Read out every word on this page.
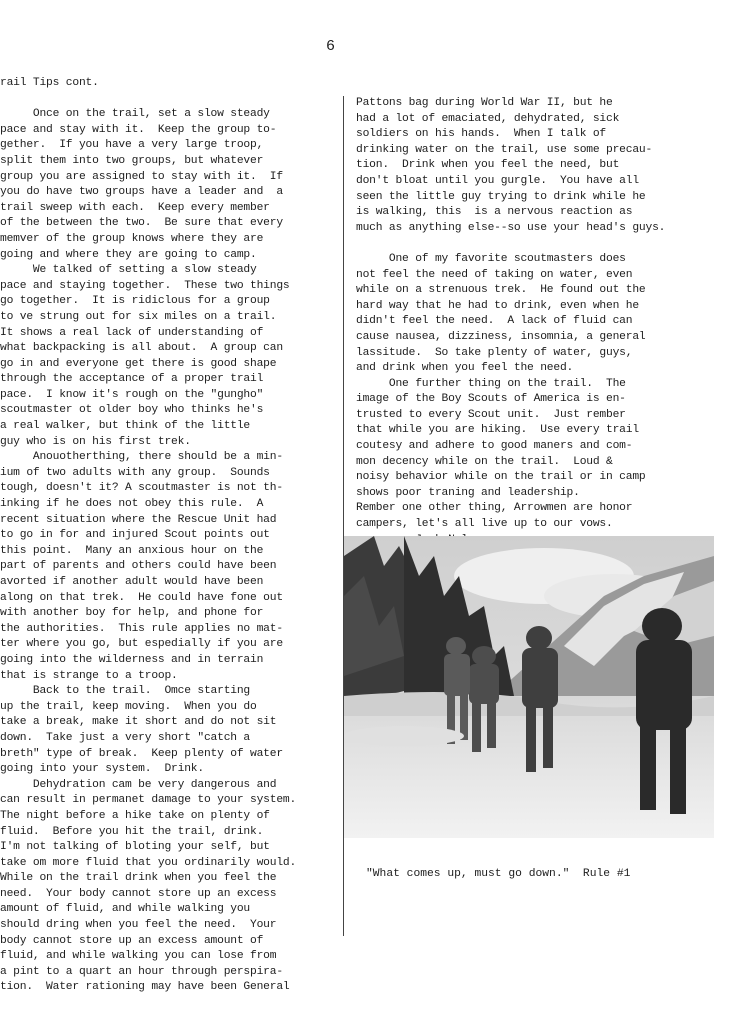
6
rail Tips cont.

Once on the trail, set a slow steady
pace and stay with it.  Keep the group to-
gether.  If you have a very large troop,
split them into two groups, but whatever
group you are assigned to stay with it.  If
you do have two groups have a leader and  a
trail sweep with each.  Keep every member
of the between the two.  Be sure that every
memver of the group knows where they are
going and where they are going to camp.
We talked of setting a slow steady
pace and staying together.  These two things
go together.  It is ridiclous for a group
to ve strung out for six miles on a trail.
It shows a real lack of understanding of
what backpacking is all about.  A group can
go in and everyone get there is good shape
through the acceptance of a proper trail
pace.  I know it's rough on the "gungho"
scoutmaster ot older boy who thinks he's
a real walker, but think of the little
guy who is on his first trek.
Anouotherthing, there should be a min-
ium of two adults with any group.  Sounds
tough, doesn't it? A scoutmaster is not th-
inking if he does not obey this rule.  A
recent situation where the Rescue Unit had
to go in for and injured Scout points out
this point.  Many an anxious hour on the
part of parents and others could have been
avorted if another adult would have been
along on that trek.  He could have fone out
with another boy for help, and phone for
the authorities.  This rule applies no mat-
ter where you go, but espedially if you are
going into the wilderness and in terrain
that is strange to a troop.
Back to the trail.  Omce starting
up the trail, keep moving.  When you do
take a break, make it short and do not sit
down.  Take just a very short "catch a
breth" type of break.  Keep plenty of water
going into your system.  Drink.
Dehydration cam be very dangerous and
can result in permanet damage to your system.
The night before a hike take on plenty of
fluid.  Before you hit the trail, drink.
I'm not talking of bloting your self, but
take om more fluid that you ordinarily would.
While on the trail drink when you feel the
need.  Your body cannot store up an excess
amount of fluid, and while walking you
should dring when you feel the need.  Your
body cannot store up an excess amount of
fluid, and while walking you can lose from
a pint to a quart an hour through perspira-
tion.  Water rationing may have been General
Pattons bag during World War II, but he
had a lot of emaciated, dehydrated, sick
soldiers on his hands.  When I talk of
drinking water on the trail, use some precau-
tion.  Drink when you feel the need, but
don't bloat until you gurgle.  You have all
seen the little guy trying to drink while he
is walking, this  is a nervous reaction as
much as anything else--so use your head's guys.

One of my favorite scoutmasters does
not feel the need of taking on water, even
while on a strenuous trek.  He found out the
hard way that he had to drink, even when he
didn't feel the need.  A lack of fluid can
cause nausea, dizziness, insomnia, a general
lassitude.  So take plenty of water, guys,
and drink when you feel the need.
One further thing on the trail.  The
image of the Boy Scouts of America is en-
trusted to every Scout unit.  Just rember
that while you are hiking.  Use every trail
coutesy and adhere to good maners and com-
mon decency while on the trail.  Loud &
noisy behavior while on the trail or in camp
shows poor traning and leadership.
Rember one other thing, Arrowmen are honor
campers, let's all live up to our vows.
"What comes up, must go down."  Rule #1
